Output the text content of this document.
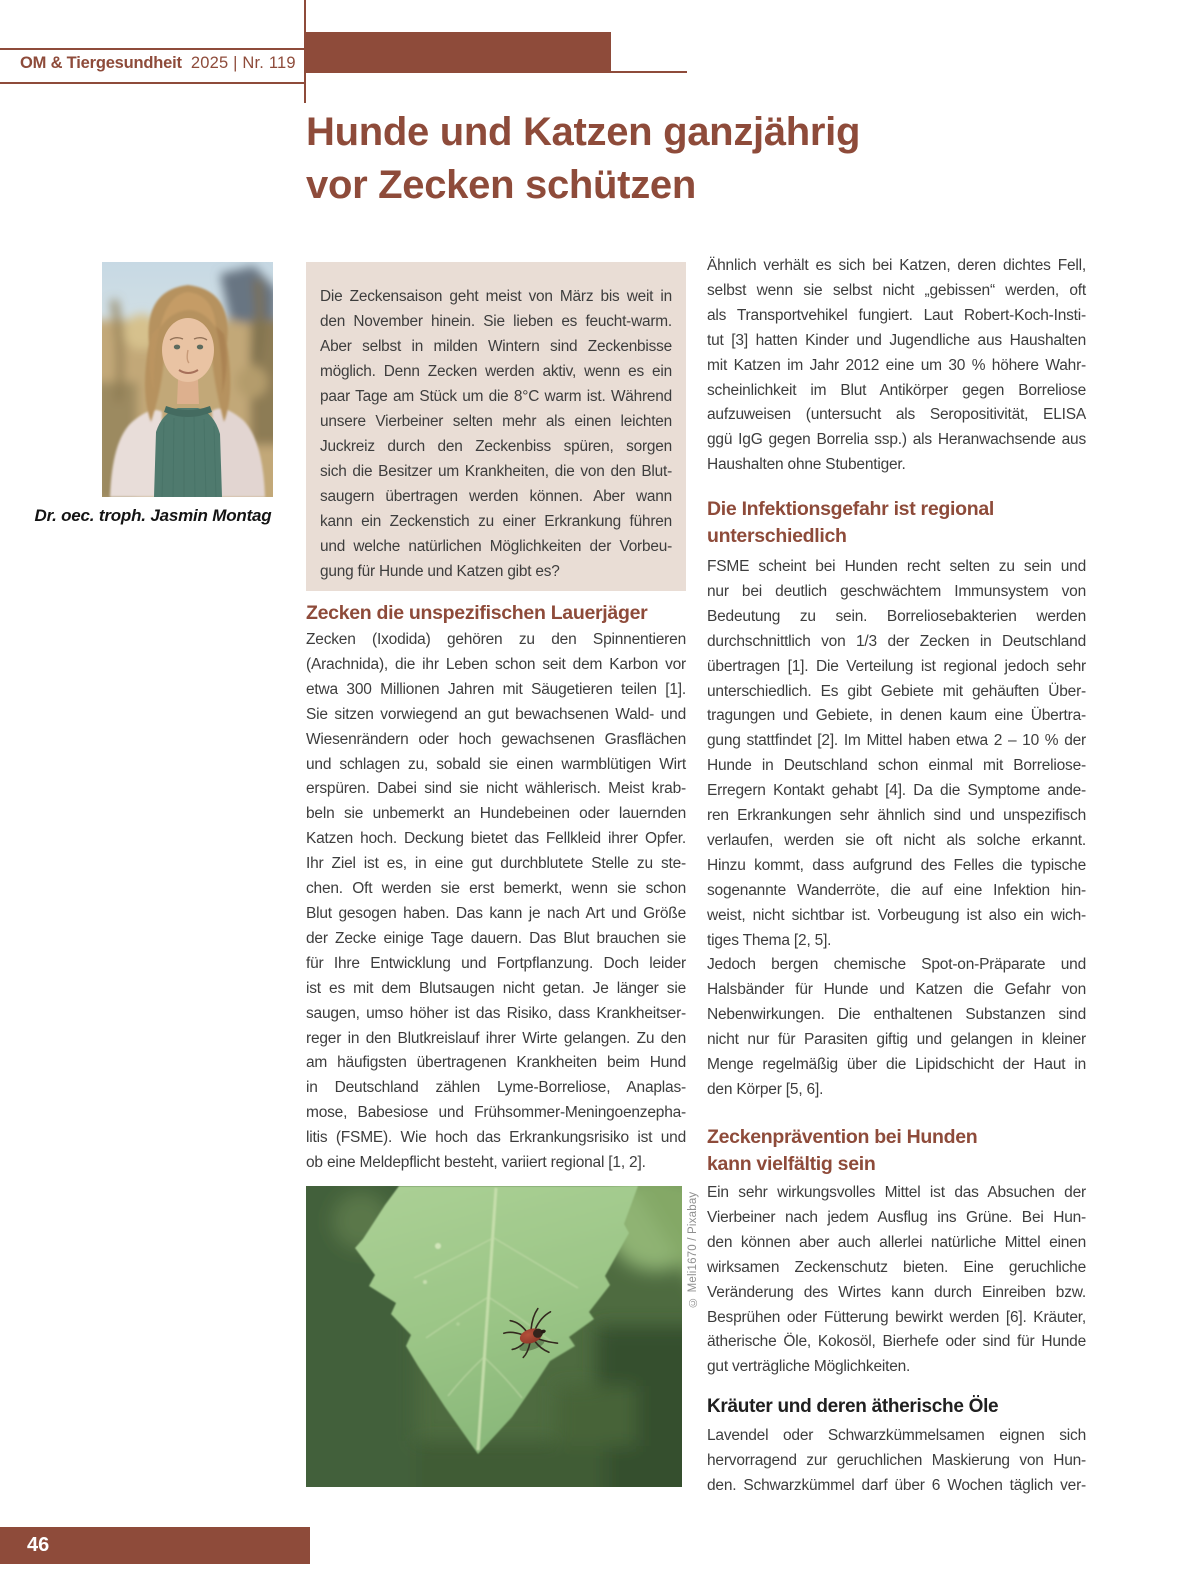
OM & Tiergesundheit 2025 | Nr. 119
Hunde und Katzen ganzjährig
vor Zecken schützen
Dr. oec. troph. Jasmin Montag
Die Zeckensaison geht meist von März bis weit in
den November hinein. Sie lieben es feucht-warm.
Aber selbst in milden Wintern sind Zeckenbisse
möglich. Denn Zecken werden aktiv, wenn es ein
paar Tage am Stück um die 8°C warm ist. Während
unsere Vierbeiner selten mehr als einen leichten
Juckreiz durch den Zeckenbiss spüren, sorgen
sich die Besitzer um Krankheiten, die von den Blut-
saugern übertragen werden können. Aber wann
kann ein Zeckenstich zu einer Erkrankung führen
und welche natürlichen Möglichkeiten der Vorbeu-
gung für Hunde und Katzen gibt es?
Zecken die unspezifischen Lauerjäger
Zecken (Ixodida) gehören zu den Spinnentieren
(Arachnida), die ihr Leben schon seit dem Karbon vor
etwa 300 Millionen Jahren mit Säugetieren teilen [1].
Sie sitzen vorwiegend an gut bewachsenen Wald- und
Wiesenrändern oder hoch gewachsenen Grasflächen
und schlagen zu, sobald sie einen warmblütigen Wirt
erspüren. Dabei sind sie nicht wählerisch. Meist krab-
beln sie unbemerkt an Hundebeinen oder lauernden
Katzen hoch. Deckung bietet das Fellkleid ihrer Opfer.
Ihr Ziel ist es, in eine gut durchblutete Stelle zu ste-
chen. Oft werden sie erst bemerkt, wenn sie schon
Blut gesogen haben. Das kann je nach Art und Größe
der Zecke einige Tage dauern. Das Blut brauchen sie
für Ihre Entwicklung und Fortpflanzung. Doch leider
ist es mit dem Blutsaugen nicht getan. Je länger sie
saugen, umso höher ist das Risiko, dass Krankheitser-
reger in den Blutkreislauf ihrer Wirte gelangen. Zu den
am häufigsten übertragenen Krankheiten beim Hund
in Deutschland zählen Lyme-Borreliose, Anaplas-
mose, Babesiose und Frühsommer-Meningoenzepha-
litis (FSME). Wie hoch das Erkrankungsrisiko ist und
ob eine Meldepflicht besteht, variiert regional [1, 2].
© Meli1670 / Pixabay
Ähnlich verhält es sich bei Katzen, deren dichtes Fell,
selbst wenn sie selbst nicht „gebissen“ werden, oft
als Transportvehikel fungiert. Laut Robert-Koch-Insti-
tut [3] hatten Kinder und Jugendliche aus Haushalten
mit Katzen im Jahr 2012 eine um 30 % höhere Wahr-
scheinlichkeit im Blut Antikörper gegen Borreliose
aufzuweisen (untersucht als Seropositivität, ELISA
ggü IgG gegen Borrelia ssp.) als Heranwachsende aus
Haushalten ohne Stubentiger.
Die Infektionsgefahr ist regional
unterschiedlich
FSME scheint bei Hunden recht selten zu sein und
nur bei deutlich geschwächtem Immunsystem von
Bedeutung zu sein. Borreliosebakterien werden
durchschnittlich von 1/3 der Zecken in Deutschland
übertragen [1]. Die Verteilung ist regional jedoch sehr
unterschiedlich. Es gibt Gebiete mit gehäuften Über-
tragungen und Gebiete, in denen kaum eine Übertra-
gung stattfindet [2]. Im Mittel haben etwa 2 – 10 % der
Hunde in Deutschland schon einmal mit Borreliose-
Erregern Kontakt gehabt [4]. Da die Symptome ande-
ren Erkrankungen sehr ähnlich sind und unspezifisch
verlaufen, werden sie oft nicht als solche erkannt.
Hinzu kommt, dass aufgrund des Felles die typische
sogenannte Wanderröte, die auf eine Infektion hin-
weist, nicht sichtbar ist. Vorbeugung ist also ein wich-
tiges Thema [2, 5].
Jedoch bergen chemische Spot-on-Präparate und
Halsbänder für Hunde und Katzen die Gefahr von
Nebenwirkungen. Die enthaltenen Substanzen sind
nicht nur für Parasiten giftig und gelangen in kleiner
Menge regelmäßig über die Lipidschicht der Haut in
den Körper [5, 6].
Zeckenprävention bei Hunden
kann vielfältig sein
Ein sehr wirkungsvolles Mittel ist das Absuchen der
Vierbeiner nach jedem Ausflug ins Grüne. Bei Hun-
den können aber auch allerlei natürliche Mittel einen
wirksamen Zeckenschutz bieten. Eine geruchliche
Veränderung des Wirtes kann durch Einreiben bzw.
Besprühen oder Fütterung bewirkt werden [6]. Kräuter,
ätherische Öle, Kokosöl, Bierhefe oder sind für Hunde
gut verträgliche Möglichkeiten.
Kräuter und deren ätherische Öle
Lavendel oder Schwarzkümmelsamen eignen sich
hervorragend zur geruchlichen Maskierung von Hun-
den. Schwarzkümmel darf über 6 Wochen täglich ver-
46
